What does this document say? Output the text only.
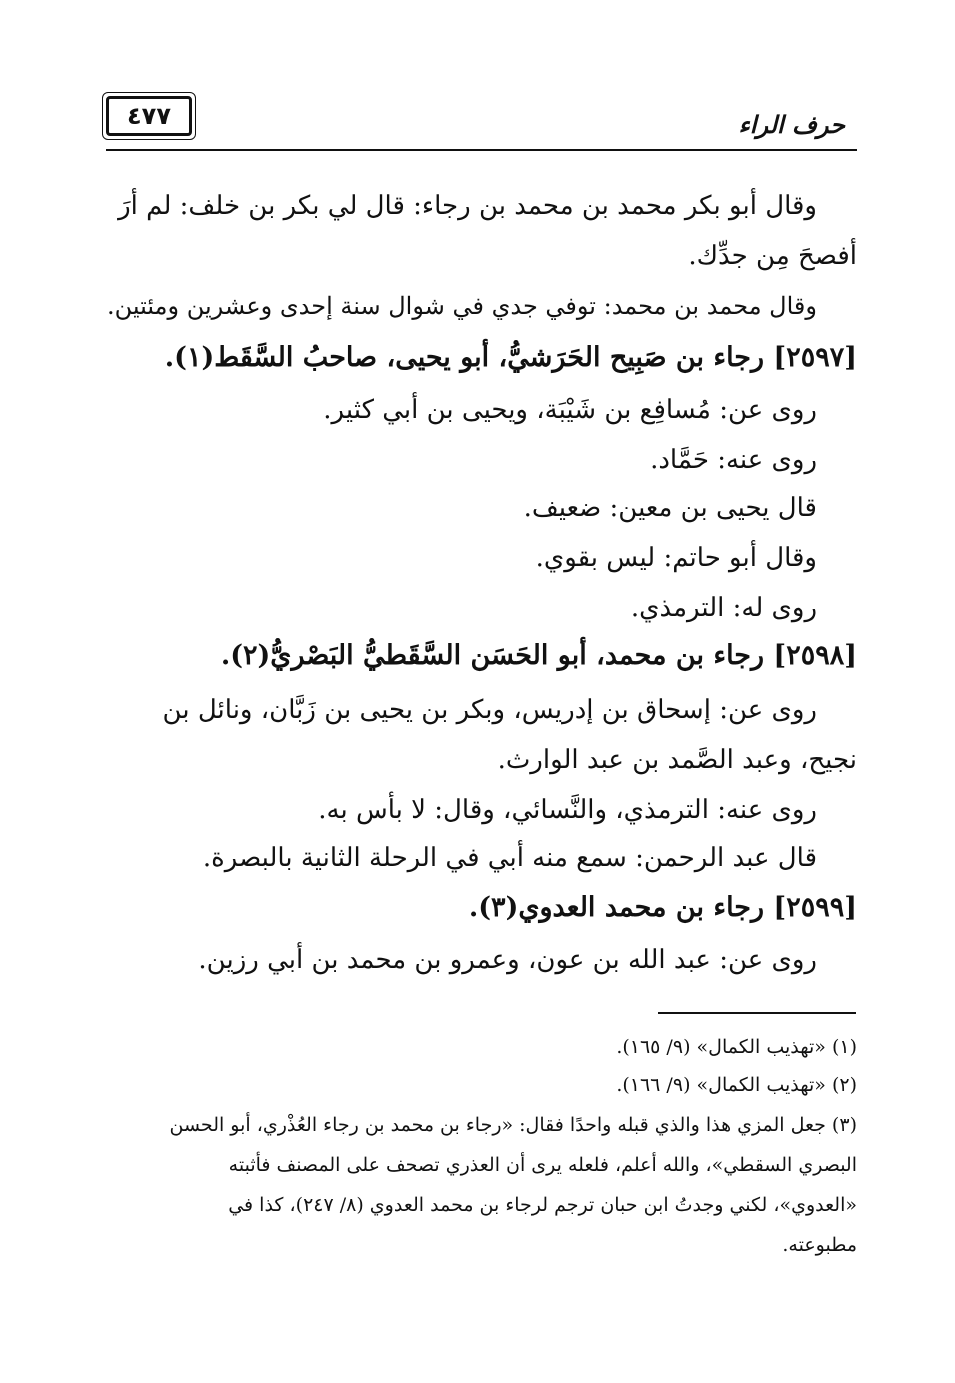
٤٧٧	حرف الراء
وقال أبو بكر محمد بن محمد بن رجاء: قال لي بكر بن خلف: لم أرَ
أفصحَ مِن جدِّك.
وقال محمد بن محمد: توفي جدي في شوال سنة إحدى وعشرين ومئتين.
[٢٥٩٧] رجاء بن صَبِيح الحَرَشيُّ، أبو يحيى، صاحبُ السَّقَط(١).
روى عن: مُسافِع بن شَيْبَة، ويحيى بن أبي كثير.
روى عنه: حَمَّاد.
قال يحيى بن معين: ضعيف.
وقال أبو حاتم: ليس بقوي.
روى له: الترمذي.
[٢٥٩٨] رجاء بن محمد، أبو الحَسَن السَّقَطيُّ البَصْريُّ(٢).
روى عن: إسحاق بن إدريس، وبكر بن يحيى بن زَبَّان، ونائل بن
نجيح، وعبد الصَّمد بن عبد الوارث.
روى عنه: الترمذي، والنَّسائي، وقال: لا بأس به.
قال عبد الرحمن: سمع منه أبي في الرحلة الثانية بالبصرة.
[٢٥٩٩] رجاء بن محمد العدوي(٣).
روى عن: عبد الله بن عون، وعمرو بن محمد بن أبي رزين.
(١) «تهذيب الكمال» (٩/ ١٦٥).
(٢) «تهذيب الكمال» (٩/ ١٦٦).
(٣) جعل المزي هذا والذي قبله واحدًا فقال: «رجاء بن محمد بن رجاء العُذْري، أبو الحسن
البصري السقطي»، والله أعلم، فلعله يرى أن العذري تصحف على المصنف فأثبته
«العدوي»، لكني وجدتُ ابن حبان ترجم لرجاء بن محمد العدوي (٨/ ٢٤٧)، كذا في
مطبوعته.
